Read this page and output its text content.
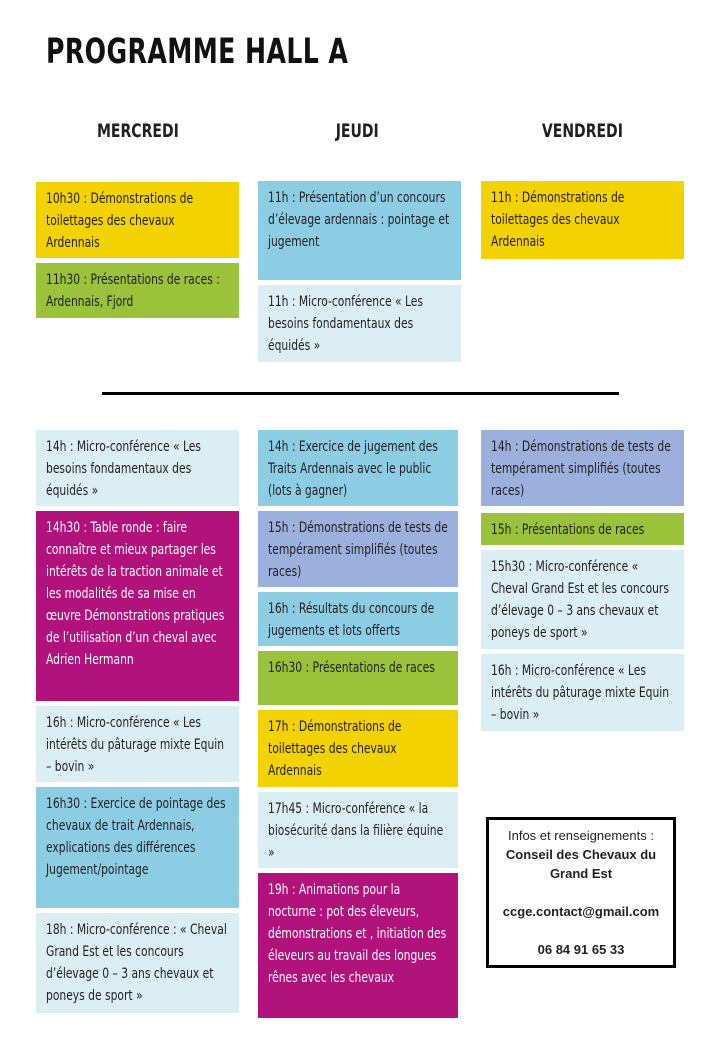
PROGRAMME HALL A
MERCREDI	JEUDI	VENDREDI
10h30 : Démonstrations de toilettages des chevaux Ardennais
11h30 : Présentations de races : Ardennais, Fjord
11h : Présentation d’un concours d’élevage ardennais : pointage et jugement
11h : Micro-conférence « Les besoins fondamentaux des équidés »
11h : Démonstrations de toilettages des chevaux Ardennais
14h : Micro-conférence « Les besoins fondamentaux des équidés »
14h30 : Table ronde : faire connaître et mieux partager les intérêts de la traction animale et les modalités de sa mise en œuvre Démonstrations pratiques de l’utilisation d’un cheval avec Adrien Hermann
16h : Micro-conférence « Les intérêts du pâturage mixte Equin – bovin »
16h30 : Exercice de pointage des chevaux de trait Ardennais, explications des différences Jugement/pointage
18h : Micro-conférence : « Cheval Grand Est et les concours d’élevage 0 – 3 ans chevaux et poneys de sport »
14h : Exercice de jugement des Traits Ardennais avec le public (lots à gagner)
15h : Démonstrations de tests de tempérament simplifiés (toutes races)
16h : Résultats du concours de jugements et lots offerts
16h30 : Présentations de races
17h : Démonstrations de toilettages des chevaux Ardennais
17h45 : Micro-conférence « la biosécurité dans la filière équine »
19h : Animations pour la nocturne : pot des éleveurs, démonstrations et , initiation des éleveurs au travail des longues rênes avec les chevaux
14h : Démonstrations de tests de tempérament simplifiés (toutes races)
15h : Présentations de races
15h30 : Micro-conférence « Cheval Grand Est et les concours d’élevage 0 – 3 ans chevaux et poneys de sport »
16h : Micro-conférence « Les intérêts du pâturage mixte Equin – bovin »
Infos et renseignements :
Conseil des Chevaux du Grand Est
ccge.contact@gmail.com
06 84 91 65 33
